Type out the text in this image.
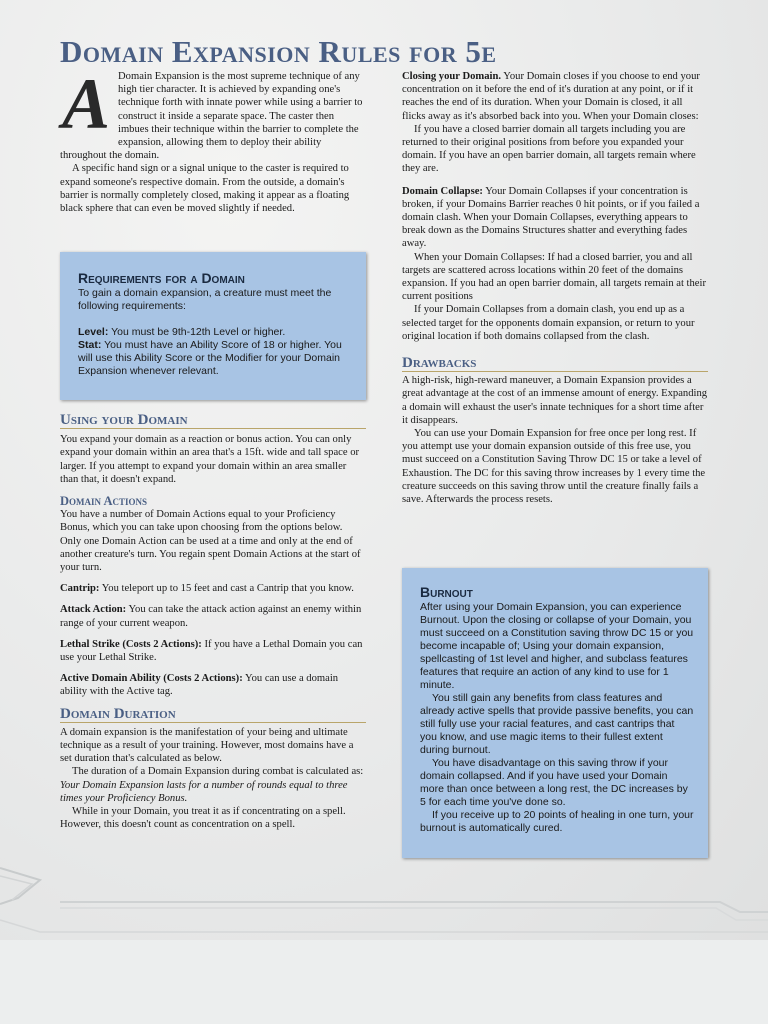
Domain Expansion Rules for 5e
A Domain Expansion is the most supreme technique of any high tier character. It is achieved by expanding one's technique forth with innate power while using a barrier to construct it inside a separate space. The caster then imbues their technique within the barrier to complete the expansion, allowing them to deploy their ability throughout the domain.

A specific hand sign or a signal unique to the caster is required to expand someone's respective domain. From the outside, a domain's barrier is normally completely closed, making it appear as a floating black sphere that can even be moved slightly if needed.

Requirements for a Domain

To gain a domain expansion, a creature must meet the following requirements:

Level: You must be 9th-12th Level or higher.

Stat: You must have an Ability Score of 18 or higher. You will use this Ability Score or the Modifier for your Domain Expansion whenever relevant.

Using your Domain

You expand your domain as a reaction or bonus action. You can only expand your domain within an area that's a 15ft. wide and tall space or larger. If you attempt to expand your domain within an area smaller than that, it doesn't expand.

Domain Actions

You have a number of Domain Actions equal to your Proficiency Bonus, which you can take upon choosing from the options below. Only one Domain Action can be used at a time and only at the end of another creature's turn. You regain spent Domain Actions at the start of your turn.

Cantrip: You teleport up to 15 feet and cast a Cantrip that you know.

Attack Action: You can take the attack action against an enemy within range of your current weapon.

Lethal Strike (Costs 2 Actions): If you have a Lethal Domain you can use your Lethal Strike.

Active Domain Ability (Costs 2 Actions): You can use a domain ability with the Active tag.

Domain Duration

A domain expansion is the manifestation of your being and ultimate technique as a result of your training. However, most domains have a set duration that's calculated as below.

The duration of a Domain Expansion during combat is calculated as: Your Domain Expansion lasts for a number of rounds equal to three times your Proficiency Bonus.

While in your Domain, you treat it as if concentrating on a spell. However, this doesn't count as concentration on a spell.

Closing your Domain. Your Domain closes if you choose to end your concentration on it before the end of it's duration at any point, or if it reaches the end of its duration. When your Domain is closed, it all flicks away as it's absorbed back into you. When your Domain closes:

If you have a closed barrier domain all targets including you are returned to their original positions from before you expanded your domain. If you have an open barrier domain, all targets remain where they are.

Domain Collapse: Your Domain Collapses if your concentration is broken, if your Domains Barrier reaches 0 hit points, or if you failed a domain clash. When your Domain Collapses, everything appears to break down as the Domains Structures shatter and everything fades away.

When your Domain Collapses: If had a closed barrier, you and all targets are scattered across locations within 20 feet of the domains expansion. If you had an open barrier domain, all targets remain at their current positions

If your Domain Collapses from a domain clash, you end up as a selected target for the opponents domain expansion, or return to your original location if both domains collapsed from the clash.

Drawbacks

A high-risk, high-reward maneuver, a Domain Expansion provides a great advantage at the cost of an immense amount of energy. Expanding a domain will exhaust the user's innate techniques for a short time after it disappears.

You can use your Domain Expansion for free once per long rest. If you attempt use your domain expansion outside of this free use, you must succeed on a Constitution Saving Throw DC 15 or take a level of Exhaustion. The DC for this saving throw increases by 1 every time the creature succeeds on this saving throw until the creature finally fails a save. Afterwards the process resets.

Burnout

After using your Domain Expansion, you can experience Burnout. Upon the closing or collapse of your Domain, you must succeed on a Constitution saving throw DC 15 or you become incapable of; Using your domain expansion, spellcasting of 1st level and higher, and subclass features features that require an action of any kind to use for 1 minute.

You still gain any benefits from class features and already active spells that provide passive benefits, you can still fully use your racial features, and cast cantrips that you know, and use magic items to their fullest extent during burnout.

You have disadvantage on this saving throw if your domain collapsed. And if you have used your Domain more than once between a long rest, the DC increases by 5 for each time you've done so.

If you receive up to 20 points of healing in one turn, your burnout is automatically cured.
